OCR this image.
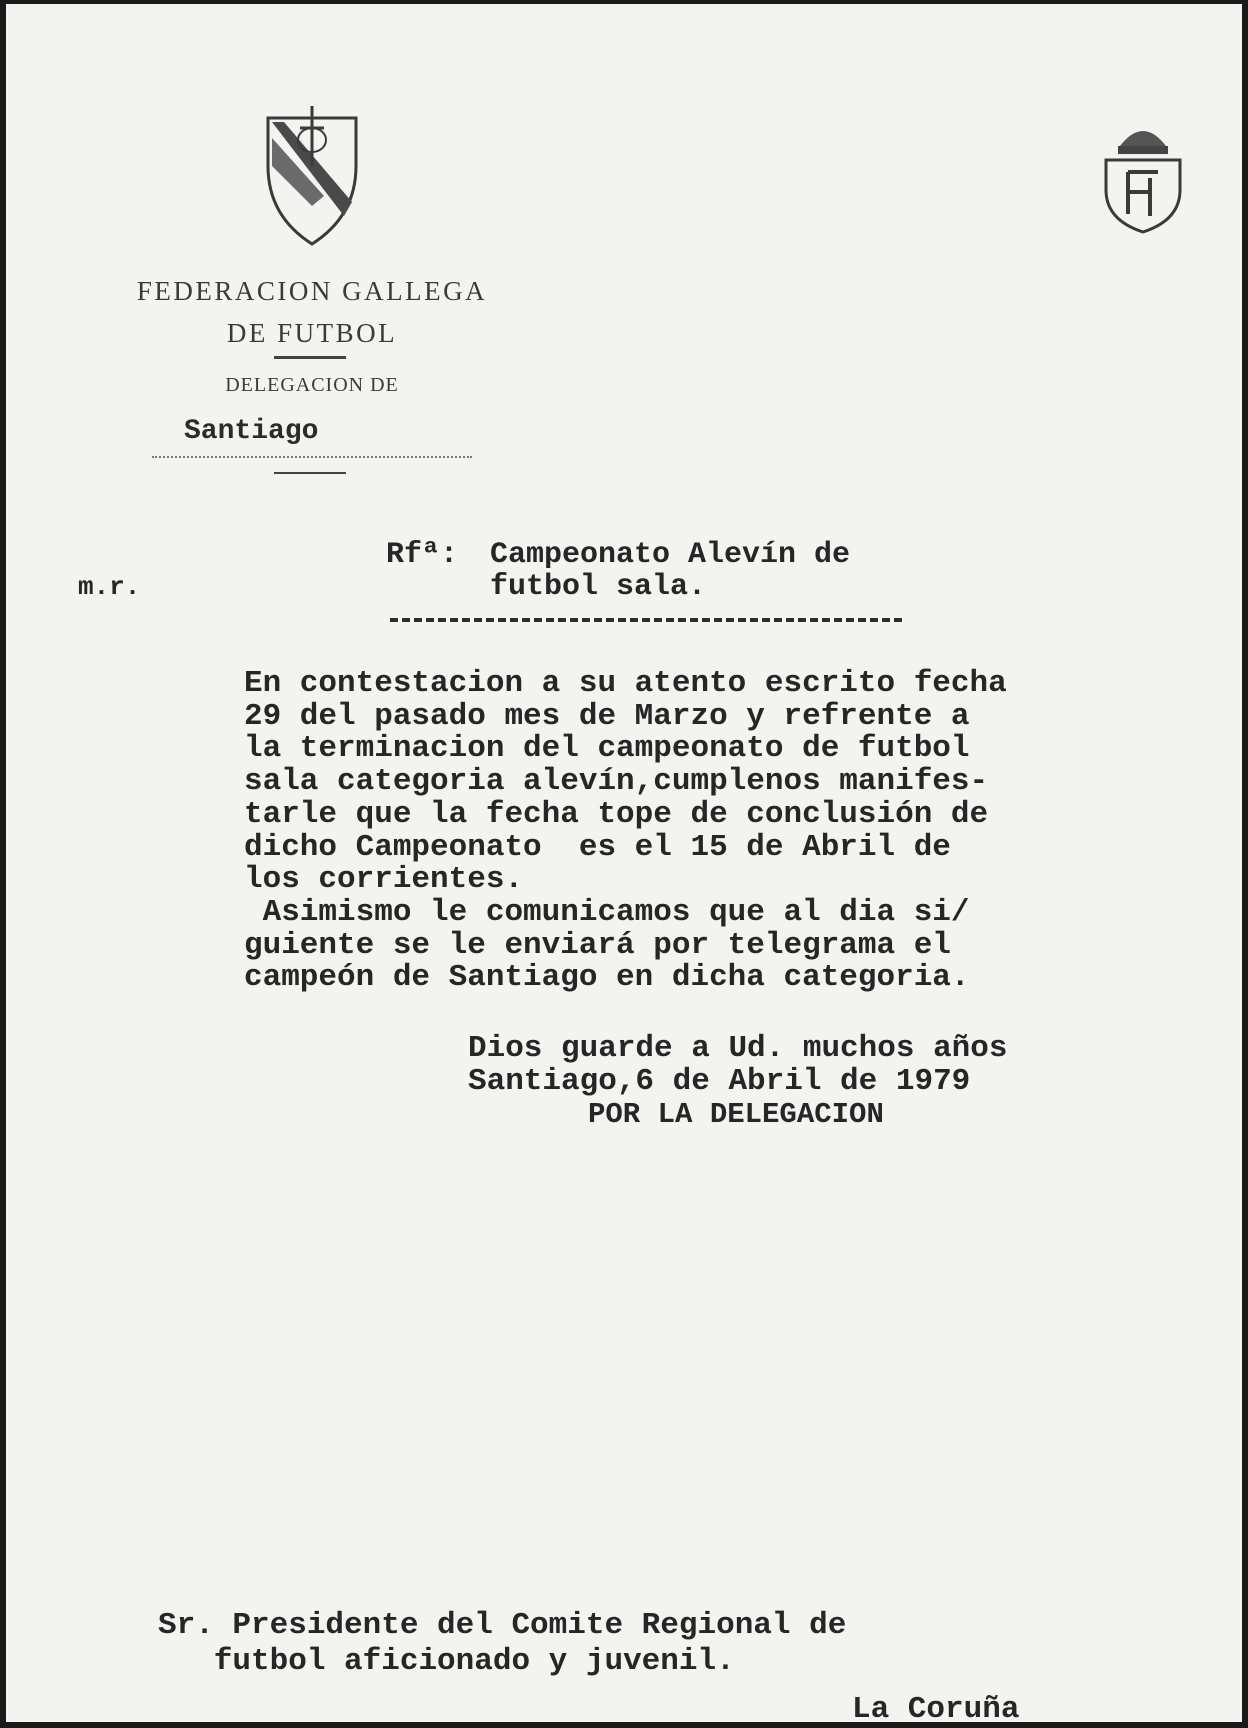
FEDERACION GALLEGA
DE FUTBOL
DELEGACION DE
Santiago
m.r.
Rfª: Campeonato Alevín de
futbol sala.
En contestacion a su atento escrito fecha
29 del pasado mes de Marzo y refrente a
la terminacion del campeonato de futbol
sala categoria alevín,cumplenos manifes-
tarle que la fecha tope de conclusión de
dicho Campeonato  es el 15 de Abril de
los corrientes.
Asimismo le comunicamos que al dia si/
guiente se le enviará por telegrama el
campeón de Santiago en dicha categoria.
Dios guarde a Ud. muchos años
Santiago,6 de Abril de 1979
POR LA DELEGACION
Sr. Presidente del Comite Regional de
futbol aficionado y juvenil.
La Coruña
